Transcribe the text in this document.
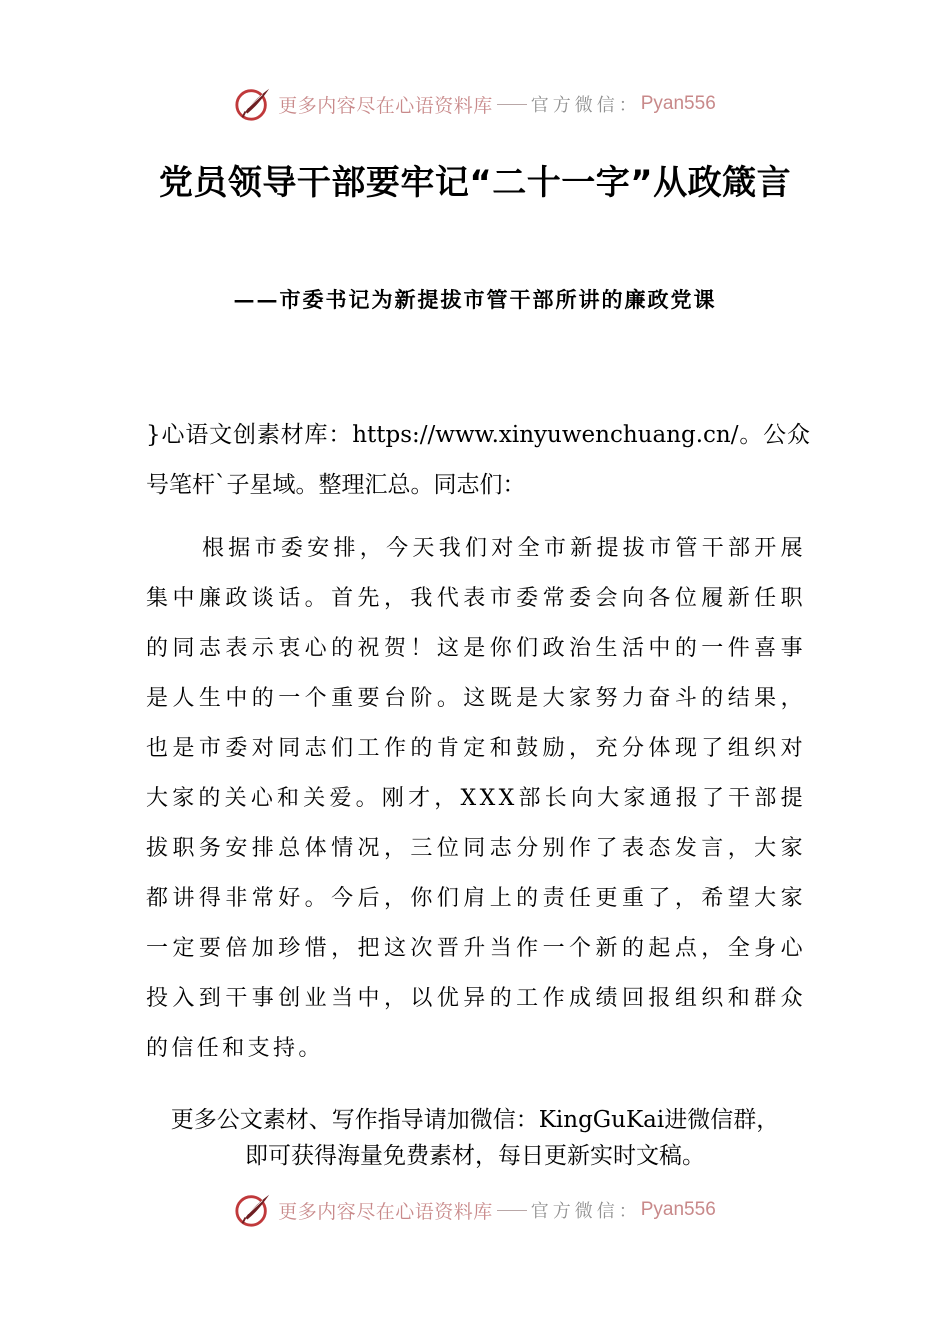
更多内容尽在心语资料库 官方微信： Pyan556
党员领导干部要牢记“二十一字”从政箴言
——市委书记为新提拔市管干部所讲的廉政党课
}心语文创素材库：https://www.xinyuwenchuang.cn/。公众号笔杆`子星域。整理汇总。同志们：
根据市委安排，今天我们对全市新提拔市管干部开展集中廉政谈话。首先，我代表市委常委会向各位履新任职的同志表示衷心的祝贺！这是你们政治生活中的一件喜事是人生中的一个重要台阶。这既是大家努力奋斗的结果，也是市委对同志们工作的肯定和鼓励，充分体现了组织对大家的关心和关爱。刚才，XXX部长向大家通报了干部提拔职务安排总体情况，三位同志分别作了表态发言，大家都讲得非常好。今后，你们肩上的责任更重了，希望大家一定要倍加珍惜，把这次晋升当作一个新的起点，全身心投入到干事创业当中，以优异的工作成绩回报组织和群众的信任和支持。
更多公文素材、写作指导请加微信：KingGuKai进微信群，
即可获得海量免费素材，每日更新实时文稿。
更多内容尽在心语资料库 官方微信： Pyan556
